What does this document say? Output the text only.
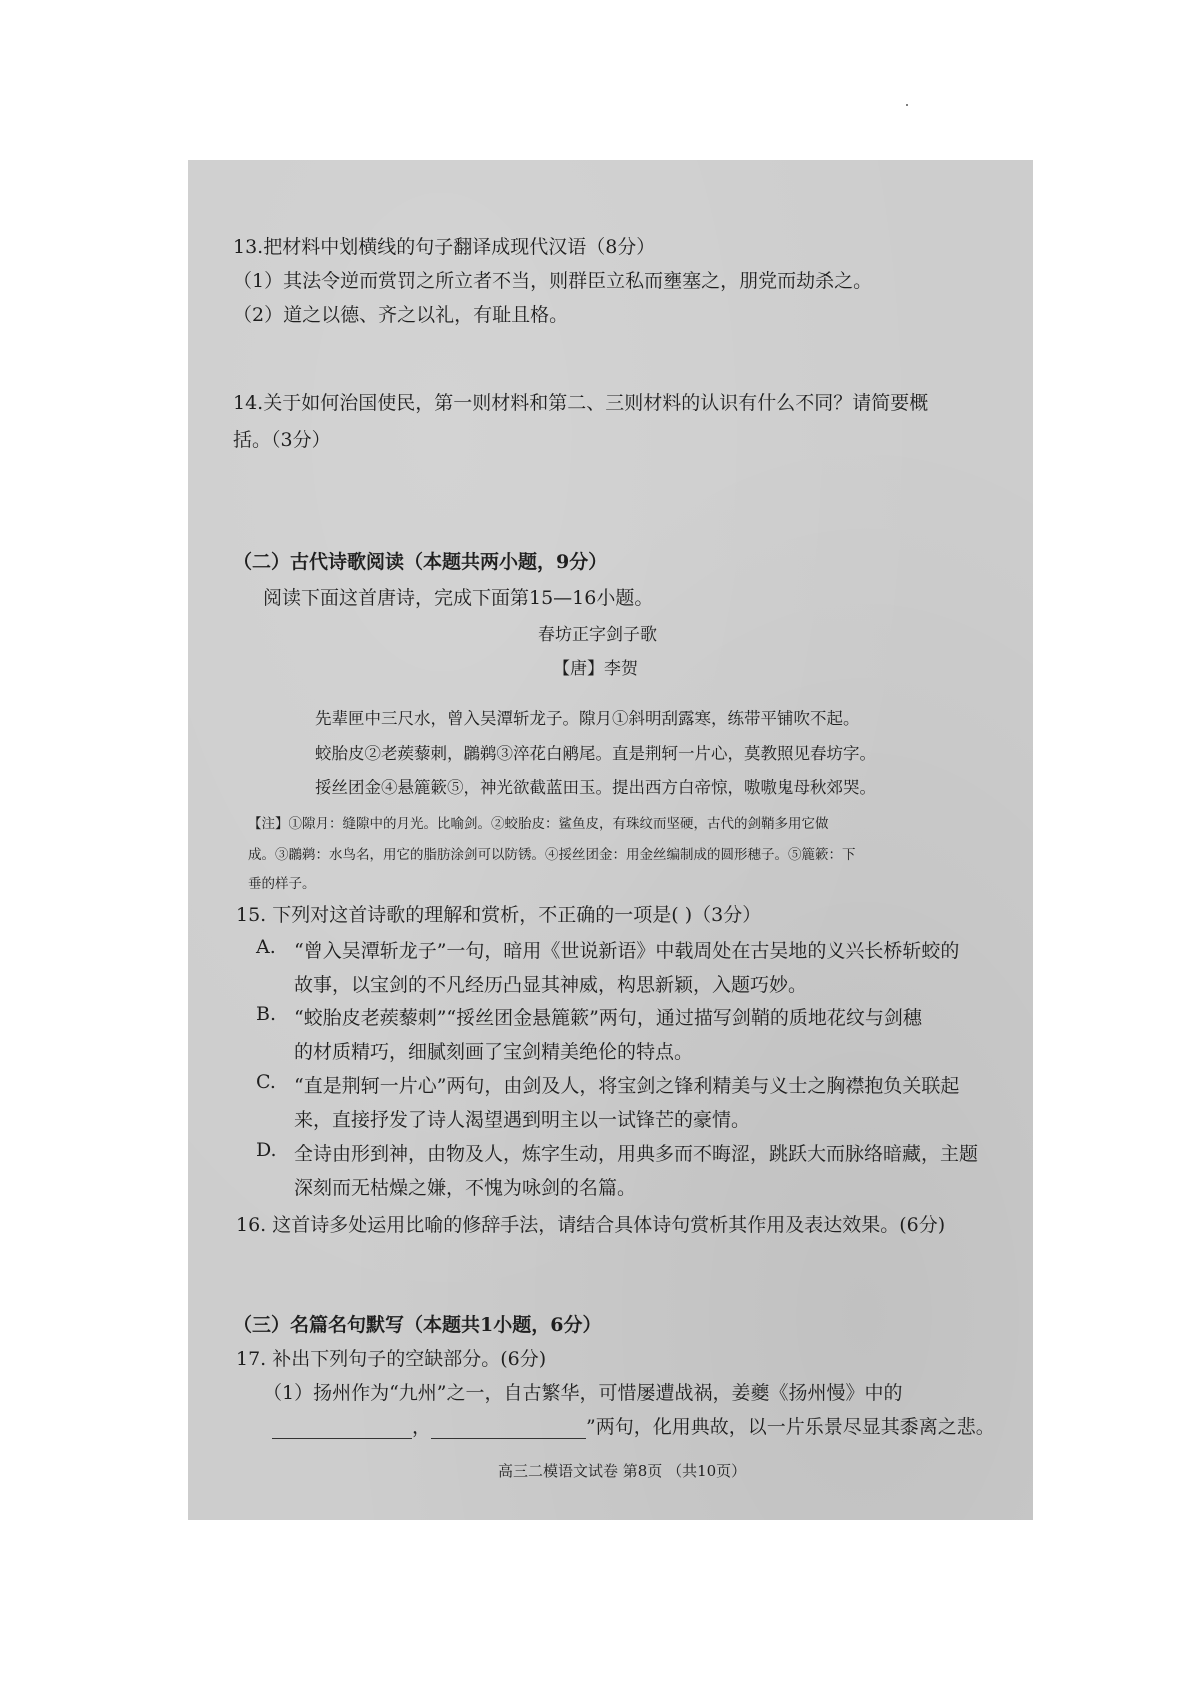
13.把材料中划横线的句子翻译成现代汉语（8分）
（1）其法令逆而赏罚之所立者不当，则群臣立私而壅塞之，朋党而劫杀之。
（2）道之以德、齐之以礼，有耻且格。
14.关于如何治国使民，第一则材料和第二、三则材料的认识有什么不同？请简要概
括。（3分）
（二）古代诗歌阅读（本题共两小题，9分）
阅读下面这首唐诗，完成下面第15—16小题。
春坊正字剑子歌
【唐】李贺
先辈匣中三尺水，曾入吴潭斩龙子。隙月①斜明刮露寒，练带平铺吹不起。
蛟胎皮②老蒺藜刺，鸊鹈③淬花白鹇尾。直是荆轲一片心，莫教照见春坊字。
挼丝团金④悬簏簌⑤，神光欲截蓝田玉。提出西方白帝惊，嗷嗷鬼母秋郊哭。
【注】①隙月：缝隙中的月光。比喻剑。②蛟胎皮：鲨鱼皮，有珠纹而坚硬，古代的剑鞘多用它做
成。③鸊鹈：水鸟名，用它的脂肪涂剑可以防锈。④挼丝团金：用金丝编制成的圆形穗子。⑤簏簌：下
垂的样子。
15. 下列对这首诗歌的理解和赏析，不正确的一项是( )（3分）
A. “曾入吴潭斩龙子”一句，暗用《世说新语》中载周处在古吴地的义兴长桥斩蛟的
故事，以宝剑的不凡经历凸显其神威，构思新颖，入题巧妙。
B. “蛟胎皮老蒺藜刺”“挼丝团金悬簏簌”两句，通过描写剑鞘的质地花纹与剑穗
的材质精巧，细腻刻画了宝剑精美绝伦的特点。
C. “直是荆轲一片心”两句，由剑及人，将宝剑之锋利精美与义士之胸襟抱负关联起
来，直接抒发了诗人渴望遇到明主以一试锋芒的豪情。
D. 全诗由形到神，由物及人，炼字生动，用典多而不晦涩，跳跃大而脉络暗藏，主题
深刻而无枯燥之嫌，不愧为咏剑的名篇。
16. 这首诗多处运用比喻的修辞手法，请结合具体诗句赏析其作用及表达效果。(6分)
（三）名篇名句默写（本题共1小题，6分）
17. 补出下列句子的空缺部分。(6分)
（1）扬州作为“九州”之一，自古繁华，可惜屡遭战祸，姜夔《扬州慢》中的
，	”两句，化用典故，以一片乐景尽显其黍离之悲。
高三二模语文试卷 第8页 （共10页）
